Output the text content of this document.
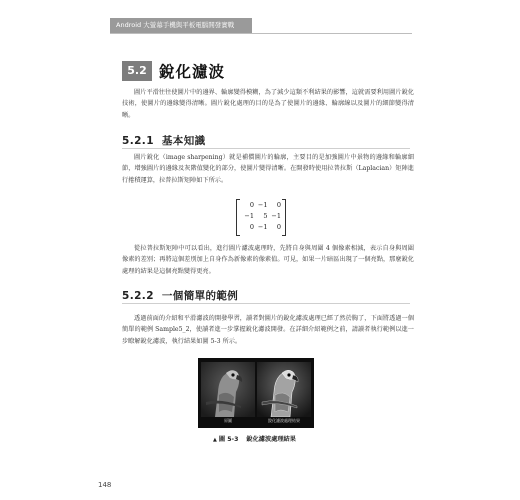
Android 大螢幕手機與平板電腦開發實戰
5.2 銳化濾波

圖片平滑往往使圖片中的邊界、輪廓變得模糊，為了減少這類不利結果的影響，這就需要利用圖片銳化技術，使圖片的邊緣變得清晰。圖片銳化處理的目的是為了使圖片的邊緣、輪廓線以及圖片的細節變得清晰。

5.2.1 基本知識

圖片銳化（image sharpening）就是補償圖片的輪廓，主要目的是加強圖片中景物的邊緣和輪廓細節，增強圖片的邊緣及灰階值變化的部分，使圖片變得清晰。在開發時使用拉普拉斯（Laplacian）矩陣進行捲積運算，拉普拉斯矩陣如下所示。

0 −1	0
−1	5 −1
0 −1	0

從拉普拉斯矩陣中可以看出，進行圖片濾波處理時，先將自身與周圍 4 個像素相減，表示自身與周圍像素的差別；再將這個差別加上自身作為新像素的像素值。可見，如果一片暗區出現了一個亮點，那麼銳化處理的結果是這個亮點變得更亮。

5.2.2 一個簡單的範例

透過前面的介紹和平滑濾波的開發學習，讀者對圖片的銳化濾波處理已經了然於胸了，下面將透過一個簡單的範例 Sample5_2，使讀者進一步掌握銳化濾波開發。在詳細介紹範例之前，請讀者執行範例以進一步瞭解銳化濾波，執行結果如圖 5-3 所示。

原圖	銳化濾波處理結果
▲ 圖 5-3 銳化濾波處理結果
148
